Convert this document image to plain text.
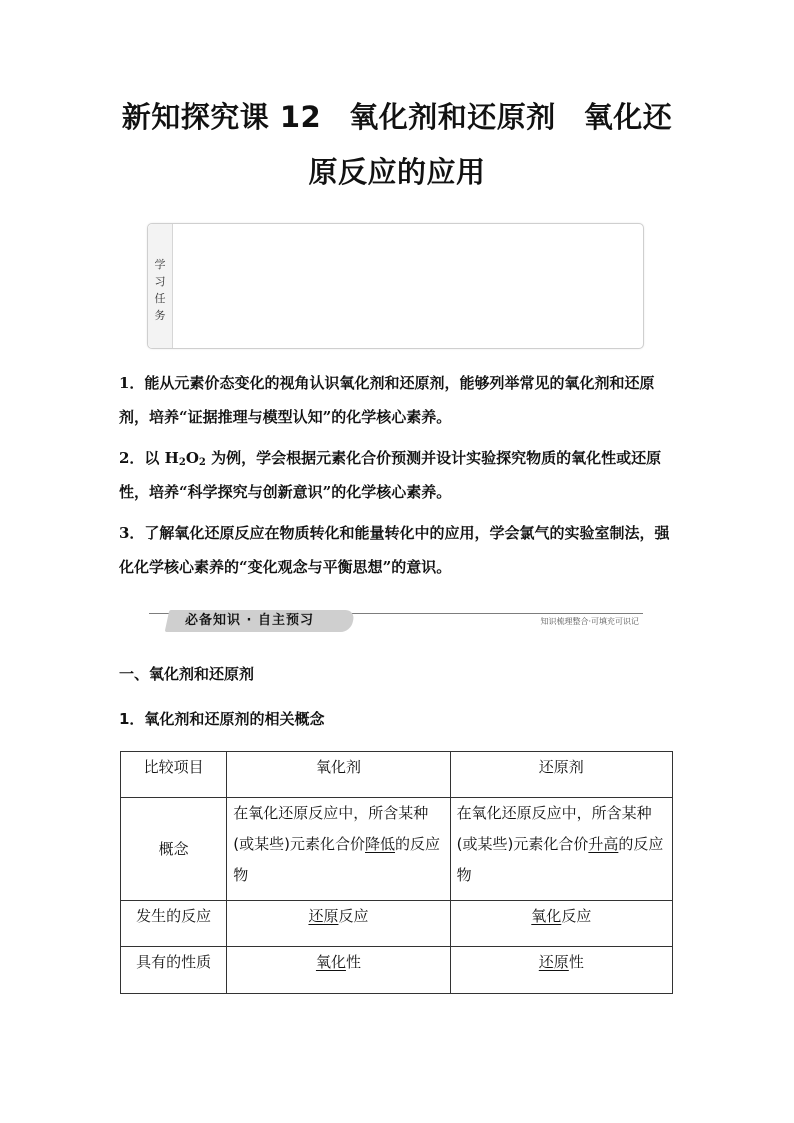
新知探究课 12 氧化剂和还原剂 氧化还
原反应的应用
学
习
任
务
1．能从元素价态变化的视角认识氧化剂和还原剂，能够列举常见的氧化剂和还原剂，培养“证据推理与模型认知”的化学核心素养。
2．以 $H_2O_2$ 为例，学会根据元素化合价预测并设计实验探究物质的氧化性或还原性，培养“科学探究与创新意识”的化学核心素养。
3．了解氧化还原反应在物质转化和能量转化中的应用，学会氯气的实验室制法，强化化学核心素养的“变化观念与平衡思想”的意识。
必备知识 · 自主预习	知识梳理整合·可填充可识记
一、氧化剂和还原剂
1．氧化剂和还原剂的相关概念
比较项目	氧化剂	还原剂
概念	在氧化还原反应中，所含某种(或某些)元素化合价降低的反应物	在氧化还原反应中，所含某种(或某些)元素化合价升高的反应物
发生的反应	还原反应	氧化反应
具有的性质	氧化性	还原性
